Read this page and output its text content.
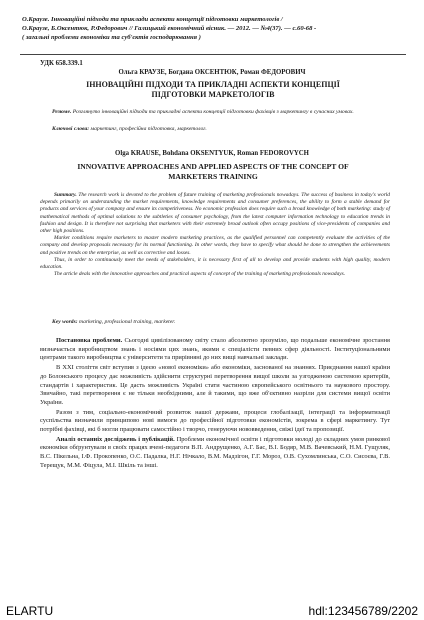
О.Краузе. Інноваційні підходи та приклади аспекти концепції підготовки маркетологів /
О.Краузе, Б.Оксентюк, Р.Федорович // Галицький економічний вісник. — 2012. — №4(37). — с.60-68 -
( загальні проблеми економіки та суб'єктів господарювання )
УДК 658.339.1
Ольга КРАУЗЕ, Богдана ОКСЕНТЮК, Роман ФЕДОРОВИЧ
ІННОВАЦІЙНІ ПІДХОДИ ТА ПРИКЛАДНІ АСПЕКТИ КОНЦЕПЦІЇ ПІДГОТОВКИ МАРКЕТОЛОГІВ
Резюме. Розглянуто інноваційні підходи та прикладні аспекти концепції підготовки фахівців з маркетингу в сучасних умовах.
Ключові слова: маркетинг, професійна підготовка, маркетолог.
Olga KRAUSE, Bohdana OKSENTYUK, Roman FEDOROVYCH
INNOVATIVE APPROACHES AND APPLIED ASPECTS OF THE CONCEPT OF MARKETERS TRAINING

Summary. The research work is devoted to the problem of future training of marketing professionals nowadays. The success of business in today's world depends primarily on understanding the market requirements, knowledge requirements and consumer preferences, the ability to form a stable demand for products and services of your company and ensure its competitiveness. No economic profession does require such a broad knowledge of both marketing: study of mathematical methods of optimal solutions to the subtleties of consumer psychology, from the latest computer information technology to education trends in fashion and design. It is therefore not surprising that marketers with their extremely broad outlook often occupy positions of vice-presidents of companies and other high positions.

Market conditions require marketers to master modern marketing practices, as the qualified personnel can competently evaluate the activities of the company and develop proposals necessary for its normal functioning. In other words, they have to specify what should be done to strengthen the achievements and positive trends on the enterprise, as well as corrective and losses.

Thus, in order to continuously meet the needs of stakeholders, it is necessary first of all to develop and provide students with high quality, modern education.

The article deals with the innovative approaches and practical aspects of concept of the training of marketing professionals nowadays.

Key words: marketing, professional training, marketer.

Постановка проблеми. Сьогодні цивілізованому світу стало абсолютно зрозуміло, що подальше економічне зростання визначається виробництвом знань і носіями цих знань, якими є спеціалісти певних сфер діяльності. Інституціональними центрами такого виробництва є університети та прирівняні до них вищі навчальні заклади.

В XXI століття світ вступив з ідеєю «нової економіки» або економіки, заснованої на знаннях. Приєднання нашої країни до Болонського процесу дає можливість здійснити структурні перетворення вищої школи за узгодженою системою критеріїв, стандартів і характеристик. Це дасть можливість Україні стати частиною європейського освітнього та наукового простору. Звичайно, такі перетворення є не тільки необхідними, але й такими, що вже об'єктивно назріли для системи вищої освіти України.

Разом з тим, соціально-економічний розвиток нашої держави, процеси глобалізації, інтеграції та інформатизації суспільства визначили принципово нові вимоги до професійної підготовки економістів, зокрема в сфері маркетингу. Тут потрібні фахівці, які б могли працювати самостійно і творчо, генеруючи нововведення, свіжі ідеї та пропозиції.

Аналіз останніх досліджень і публікацій. Проблеми економічної освіти і підготовки молоді до складних умов ринкової економіки обґрунтували в своїх працях вчені-педагоги В.П. Андрущенко, А.Г. Бас, В.І. Бодяр, М.В. Вачевський, Н.М. Гущуляк, В.С. Пікельна, І.Ф. Прокопенко, О.С. Падалка, Н.Г. Нічкало, В.М. Мадзігон, Г.Г. Мороз, О.В. Сухомлинська, С.О. Сисоєва, Г.В. Терещук, М.М. Фіцула, М.І. Шкіль та інші.

ELARTU	hdl:123456789/2202
